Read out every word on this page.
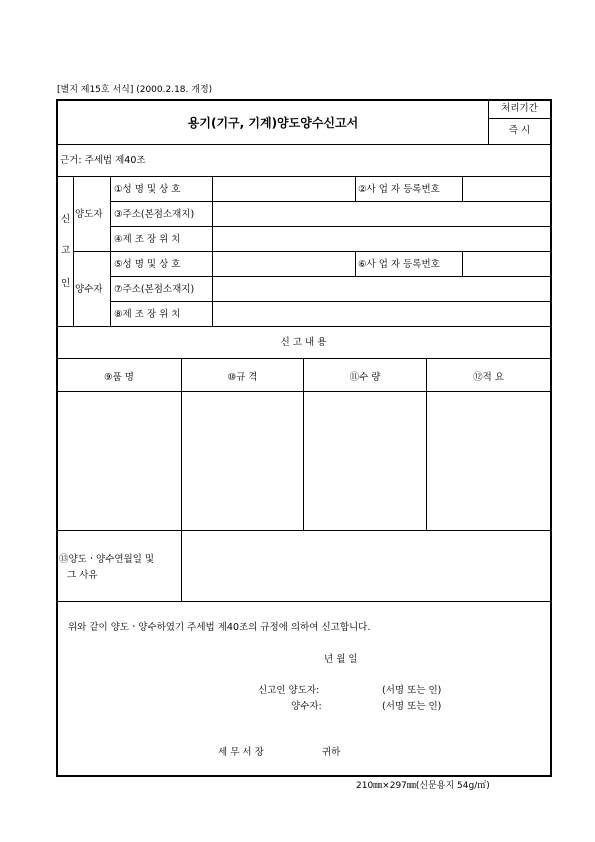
[별지 제15호 서식] (2000.2.18. 개정)
용기(기구, 기계)양도양수신고서
처리기간
즉 시
근거: 주세법 제40조
신
고
인
양도자
①성 명 및 상 호	②사 업 자 등록번호
③주소(본점소재지)
④제 조 장 위 치
양수자
⑤성 명 및 상 호	⑥사 업 자 등록번호
⑦주소(본점소재지)
⑧제 조 장 위 치
신 고 내 용
⑨품 명	⑩규 격	⑪수 량	⑫적 요
⑬양도ㆍ양수연월일 및
그 사유
위와 같이 양도ㆍ양수하였기 주세법 제40조의 규정에 의하여 신고합니다.
년 월 일
신고인 양도자:	(서명 또는 인)
양수자:	(서명 또는 인)
세 무 서 장	귀하
210㎜×297㎜(신문용지 54g/㎡)
